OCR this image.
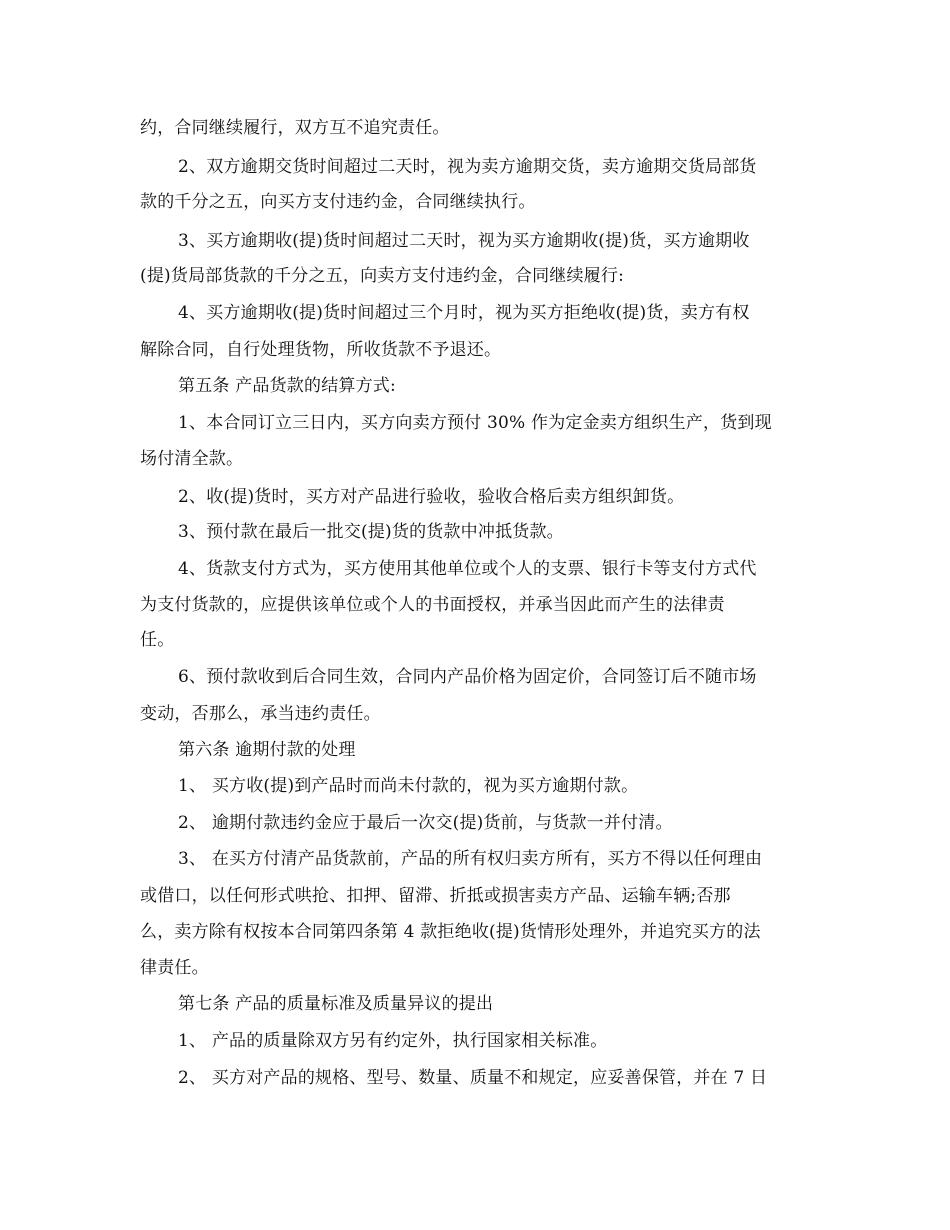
约，合同继续履行，双方互不追究责任。
2、双方逾期交货时间超过二天时，视为卖方逾期交货，卖方逾期交货局部货
款的千分之五，向买方支付违约金，合同继续执行。
3、买方逾期收(提)货时间超过二天时，视为买方逾期收(提)货，买方逾期收
(提)货局部货款的千分之五，向卖方支付违约金，合同继续履行:
4、买方逾期收(提)货时间超过三个月时，视为买方拒绝收(提)货，卖方有权
解除合同，自行处理货物，所收货款不予退还。
第五条 产品货款的结算方式:
1、本合同订立三日内，买方向卖方预付 30% 作为定金卖方组织生产，货到现
场付清全款。
2、收(提)货时，买方对产品进行验收，验收合格后卖方组织卸货。
3、预付款在最后一批交(提)货的货款中冲抵货款。
4、货款支付方式为，买方使用其他单位或个人的支票、银行卡等支付方式代
为支付货款的，应提供该单位或个人的书面授权，并承当因此而产生的法律责
任。
6、预付款收到后合同生效，合同内产品价格为固定价，合同签订后不随市场
变动，否那么，承当违约责任。
第六条 逾期付款的处理
1、 买方收(提)到产品时而尚未付款的，视为买方逾期付款。
2、 逾期付款违约金应于最后一次交(提)货前，与货款一并付清。
3、 在买方付清产品货款前，产品的所有权归卖方所有，买方不得以任何理由
或借口，以任何形式哄抢、扣押、留滞、折抵或损害卖方产品、运输车辆;否那
么，卖方除有权按本合同第四条第 4 款拒绝收(提)货情形处理外，并追究买方的法
律责任。
第七条 产品的质量标准及质量异议的提出
1、 产品的质量除双方另有约定外，执行国家相关标准。
2、 买方对产品的规格、型号、数量、质量不和规定，应妥善保管，并在 7 日
